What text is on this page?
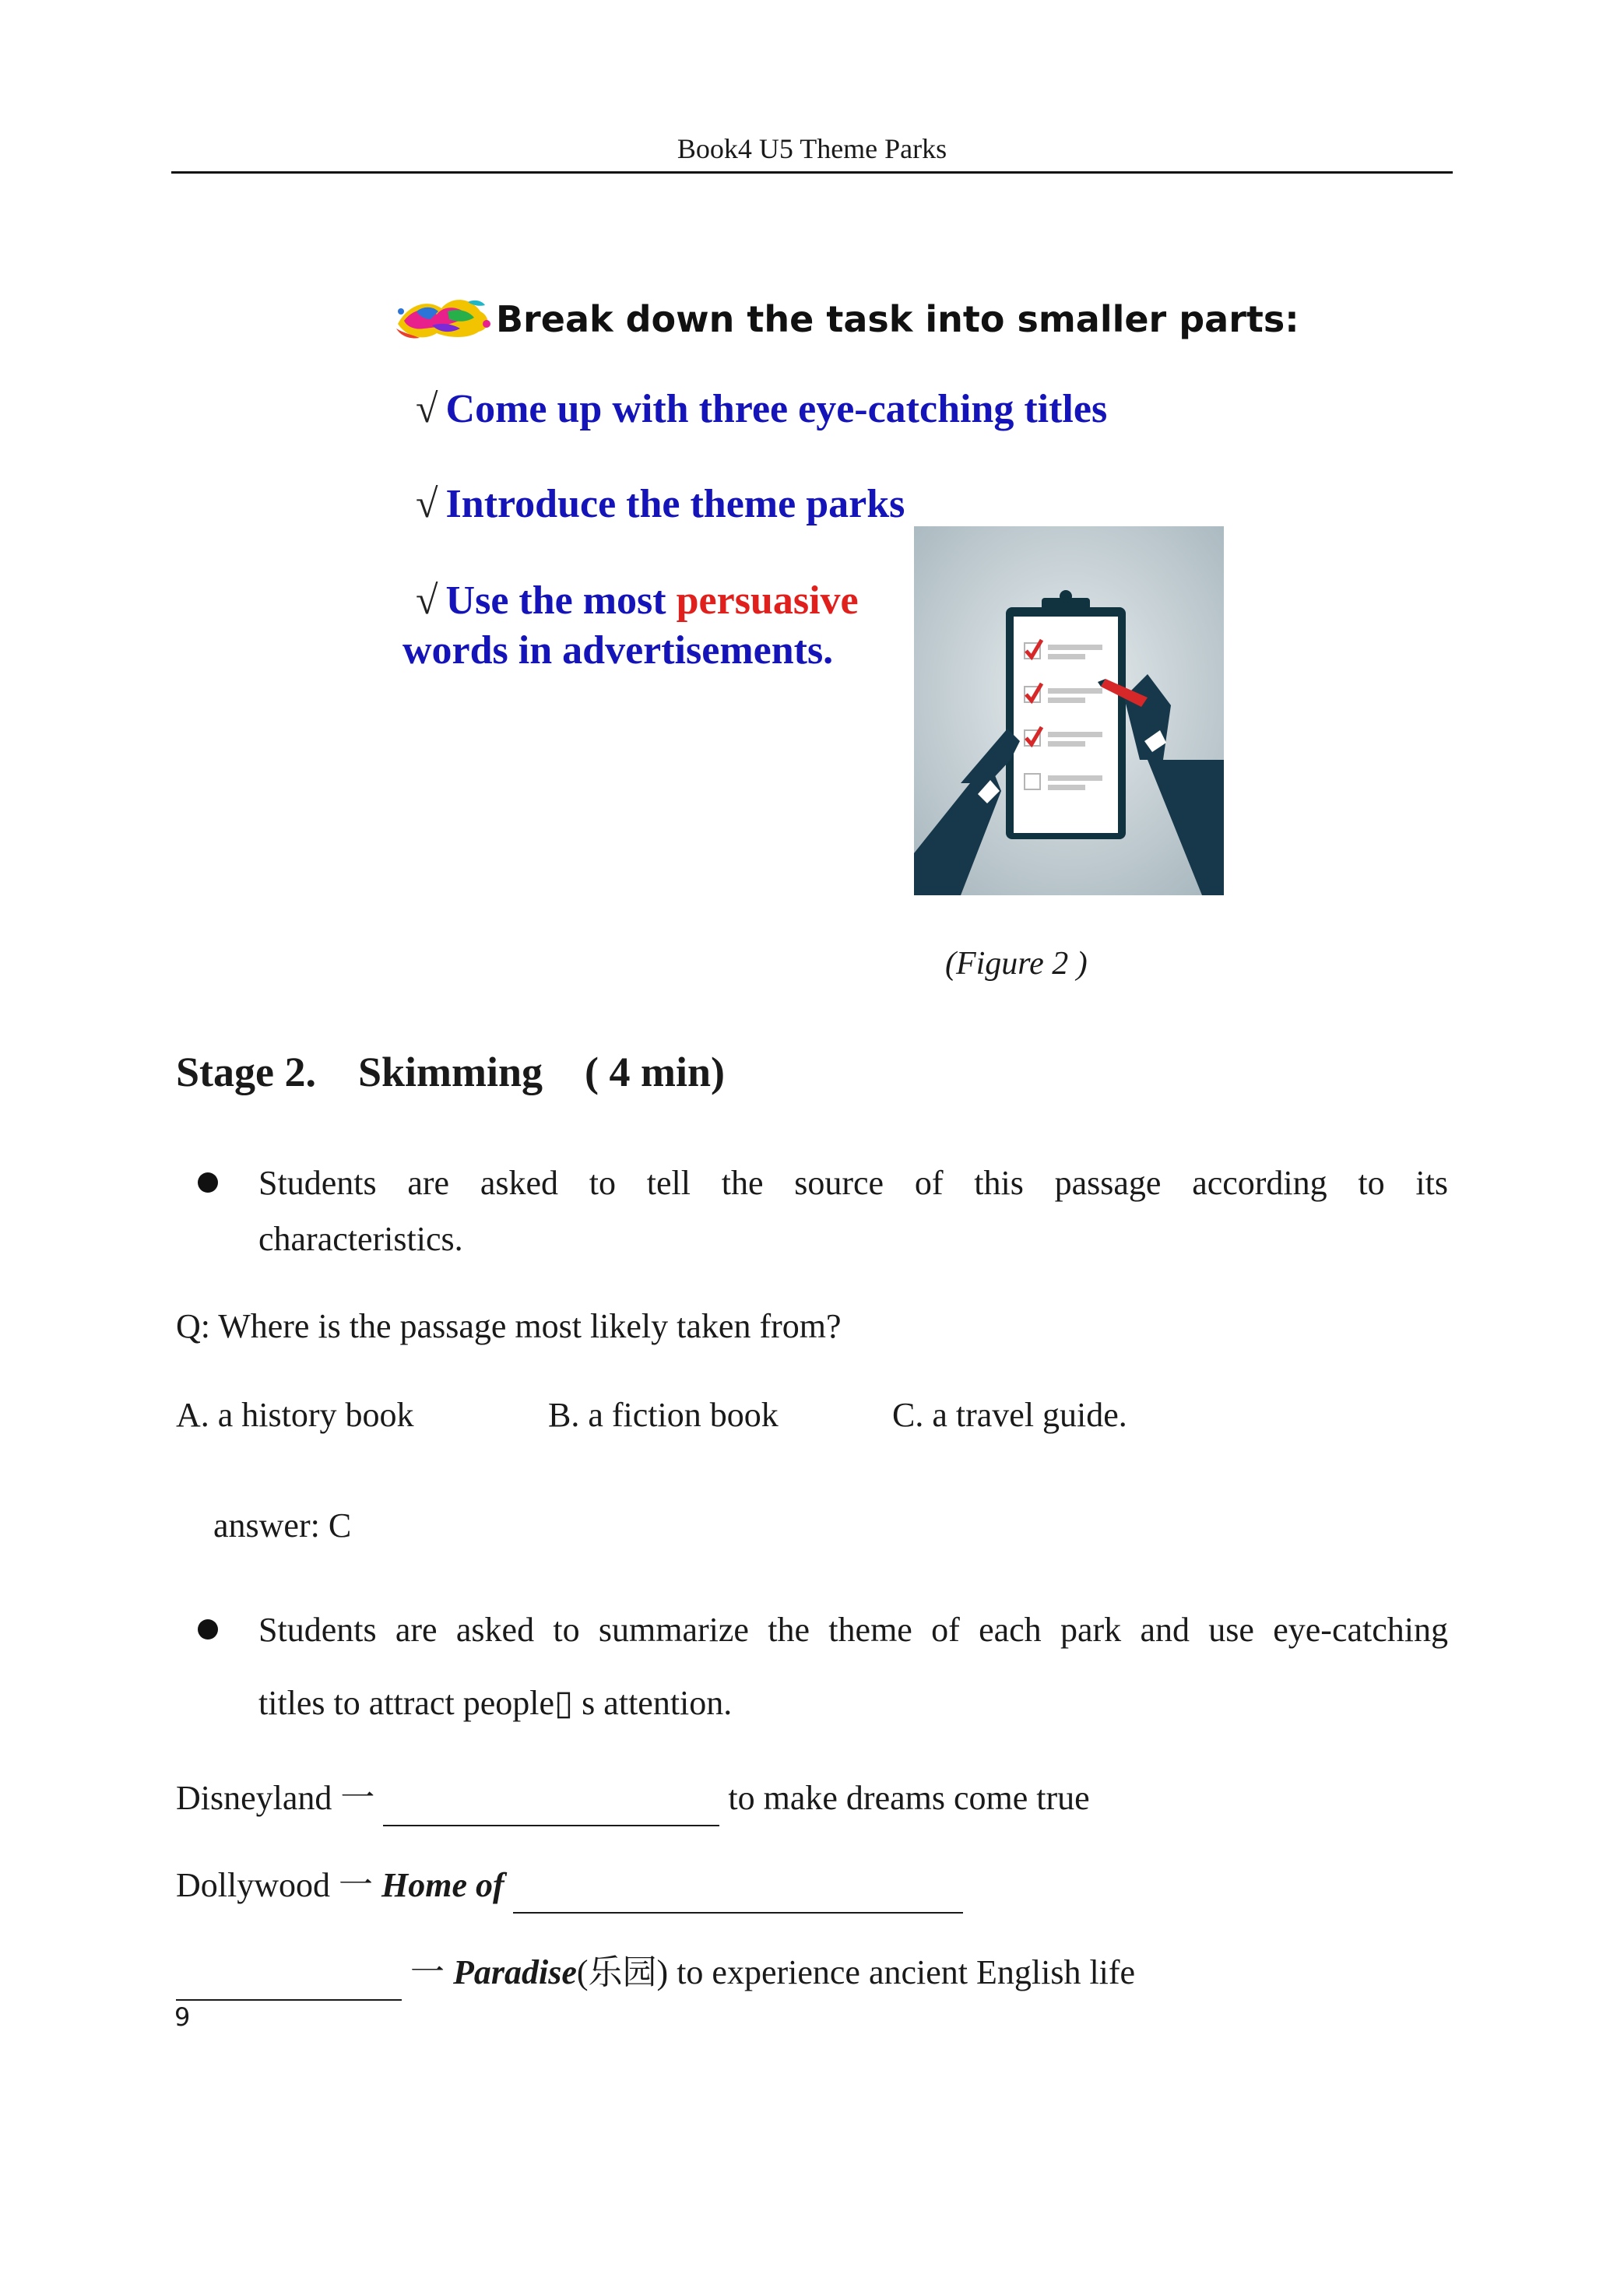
Book4 U5 Theme Parks
Break down the task into smaller parts:
√ Come up with three eye-catching titles
√ Introduce the theme parks
√ Use the most persuasive
words in advertisements.
(Figure 2 )
Stage 2.    Skimming    ( 4 min)
Students are asked to tell the source of this passage according to its
characteristics.
Q: Where is the passage most likely taken from?
A. a history book	B. a fiction book	C. a travel guide.
answer: C
Students are asked to summarize the theme of each park and use eye-catching
titles to attract people▯ s attention.
Disneyland 一	to make dreams come true
Dollywood 一 Home of
一 Paradise(乐园) to experience ancient English life
9
